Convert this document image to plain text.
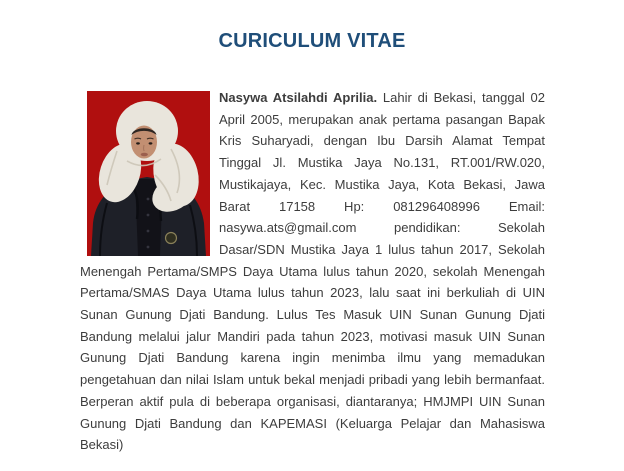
CURICULUM VITAE
Nasywa Atsilahdi Aprilia. Lahir di Bekasi, tanggal 02 April 2005, merupakan anak pertama pasangan Bapak Kris Suharyadi, dengan Ibu Darsih Alamat Tempat Tinggal Jl. Mustika Jaya No.131, RT.001/RW.020, Mustikajaya, Kec. Mustika Jaya, Kota Bekasi, Jawa Barat 17158 Hp: 081296408996 Email: nasywa.ats@gmail.com pendidikan: Sekolah Dasar/SDN Mustika Jaya 1 lulus tahun 2017, Sekolah Menengah Pertama/SMPS Daya Utama lulus tahun 2020, sekolah Menengah Pertama/SMAS Daya Utama lulus tahun 2023, lalu saat ini berkuliah di UIN Sunan Gunung Djati Bandung. Lulus Tes Masuk UIN Sunan Gunung Djati Bandung melalui jalur Mandiri pada tahun 2023, motivasi masuk UIN Sunan Gunung Djati Bandung karena ingin menimba ilmu yang memadukan pengetahuan dan nilai Islam untuk bekal menjadi pribadi yang lebih bermanfaat. Berperan aktif pula di beberapa organisasi, diantaranya; HMJMPI UIN Sunan Gunung Djati Bandung dan KAPEMASI (Keluarga Pelajar dan Mahasiswa Bekasi)
